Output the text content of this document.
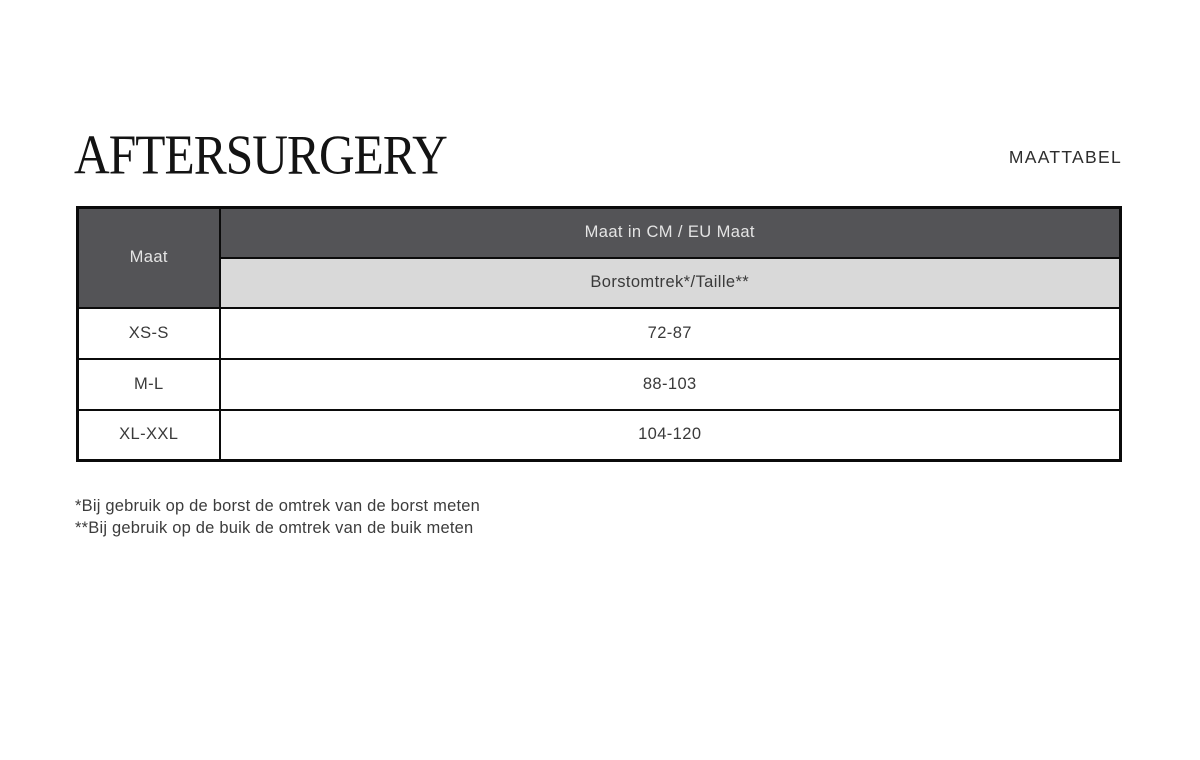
AFTERSURGERY	MAATTABEL
Maat	Maat in CM / EU Maat
	Borstomtrek*/Taille**
XS-S	72-87
M-L	88-103
XL-XXL	104-120
*Bij gebruik op de borst de omtrek van de borst meten
**Bij gebruik op de buik de omtrek van de buik meten
